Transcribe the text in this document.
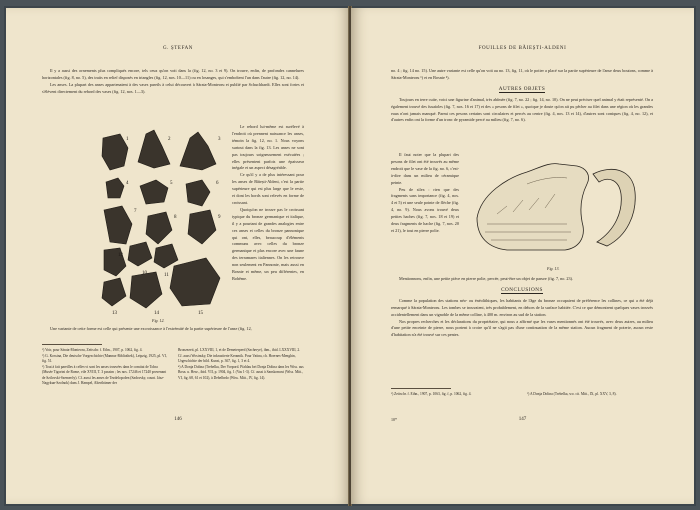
G. ȘTEFAN

Il y a aussi des ornements plus compliqués encore, tels ceux qu'on voit dans la (fig. 12, no. 3 et 9). On trouve, enfin, de profondes cannelures horizontales (fig. 8, no. 5), des traits en relief disposés en triangles (fig. 12, nos. 10—11) ou en losanges, qui s'emboîtent l'un dans l'autre (fig. 12, no. 14).

Les anses. La plupart des anses appartenaient à des vases pareils à celui découvert à Sărata-Monteoru et publié par Schuchhardt. Elles sont fortes et s'élèvent directement du rebord des vases (fig. 12, nos. 1—3).

1	2	3
4	5	6
7
8	9
10	11
12
13	14	15
Fig. 12.

Le rebord lui-même est surélevé à l'endroit où prennent naissance les anses, témoin la fig. 12, no. 1. Nous voyons surtout dans la fig. 13. Les anses ne sont pas toujours soigneusement exécutées ; elles présentent parfois une épaisseur inégale et un aspect désagréable.

Ce qu'il y a de plus intéressant pour les anses de Bâiești-Aldeni, c'est la partie supérieure qui est plus large que le reste, et dont les bords sont relevés en forme de croissant.

Quoiqu'on ne trouve pas le croissant typique du bronze germanique et italique, il y a pourtant de grandes analogies entre ces anses et celles du bronze pannonique qui ont, elles, beaucoup d'éléments communs avec celles du bronze germanique et plus encore avec une faune des terramares italiennes. On les retrouve non seulement en Pannonie, mais aussi en Bosnie et même, un peu différentes, en Bohême.

Une variante de cette forme est celle qui présente une excroissance à l'extrémité de la partie supérieure de l'anse (fig. 12,

¹) Voir, pour Sărata-Monteoru, Zeitschr. f. Ethn., 1907, p. 1062, fig. 4.

²) G. Kossina, Die deutsche Vorgeschichte (Mannus-Bibliothek), Leipzig, 1925, pl. VI, fig. 51.

³) Tout à fait pareilles à celles-ci sont les anses trouvées dans le comitat de Tolna (Musée Tigorini de Rome, vile XVIII, T. 3 passim ; les nos. 17246 et 17240 provenant de Szilovski-Szemerőy). Cf. aussi les anses de Tezdelopcden (Sadovsky, count. Jász-Nagykun-Szolnok) dans J. Hampel, Alterthümer der

Bronzezeit, pl. LXXVIII, 1, et de Demeterperd (Sacherye), ibm., ibid. LXXXVIII, 2. Cf. aussi Wosinsky, Die inkrustierte Keramik. Pour Vatina, ch. Hoernes-Menghin, Urgeschichte der bild. Kunst, p. 367, fig. 1, 3 et 4.

⁴) A Donja Dolina (Trebelka, Der Vorpord. Pfahlau bei Donja Dolina dans les Wiss. aus Bosn. u. Herz., ibid. VII, p. 1904, fig. 1 (Vas 1-3). Cf. aussi à Sanskomost (Wiss. Mitt., VI, fig. 68, 61 et 102), à Debelbrdo (Wiss. Mitt., IV, fig. 14).

146
FOUILLES DE BĂIEȘTI-ALDENI

no. 4 ; fig. 14 no. 15). Une autre variante est celle qu'on voit au no. 13, fig. 11, où le potier a placé sur la partie supérieure de l'anse deux boutons, comme à Sărata-Monteoru ¹) et en Bosnie ²).

AUTRES OBJETS

Toujours en terre cuite, voici une figurine d'animal, très abîmée (fig. 7, no. 22 ; fig. 14, no. 10). On ne peut préciser quel animal y était représenté. On a également trouvé des fusaïoles (fig. 7, nos. 16 et 17) et des « pesons de filet », quoique je doute qu'on ait pu pêcher au filet dans une région où les grandes eaux n'ont jamais manqué. Parmi ces pesons certains sont circulaires et percés au centre (fig. 4, nos. 13 et 14), d'autres sont coniques (fig. 4, no. 12), et d'autres enfin ont la forme d'un tronc de pyramide percé au milieu (fig. 7, no. 6).

Il faut noter que la plupart des pesons de filet ont été trouvés au même endroit que le vase de la fig. no. 6, c'est-à-dire dans un milieu de céramique peinte.

Peu de silex : rien que des fragments sans importance (fig. 4, nos. 4 et 5) et une seule pointe de flèche (fig. 4, no. 9). Nous avons trouvé deux petites haches (fig. 7, nos. 18 et 19) et deux fragments de hache (fig. 7, nos. 20 et 21), le tout en pierre polie.

Fig. 13.

Mentionnons, enfin, une petite pièce en pierre polie, percée, peut-être un objet de parure (fig. 7, no. 23).

CONCLUSIONS

Comme la population des stations néo- ou énéolithiques, les habitants de l'âge du bronze occupaient de préférence les collines, ce qui a été déjà remarqué à Sărata-Monteoru. Les tombes se trouvaient, très probablement, en dehors de la surface habitée. C'est ce que démontrent quelques vases trouvés accidentellement dans un vignoble de la même colline, à 400 m. environ au sud de la station.

Nos propres recherches et les déclarations du propriétaire, qui nous a affirmé que les vases mentionnés ont été trouvés, avec deux autres, au milieu d'une petite enceinte de pierre, nous portent à croire qu'il ne s'agit pas d'une continuation de la même station. Aucun fragment de poterie, aucun reste d'habitation n'a été trouvé sur ces pentes.

¹) Zeitschr. f. Ethn., 1907, p. 1063, fig. f, p. 1062, fig. 4.	²) A Donja Dolina (Trebelka, wo. cit. Mitt., IX, pl. XXV, 3, 8).

10*	147
